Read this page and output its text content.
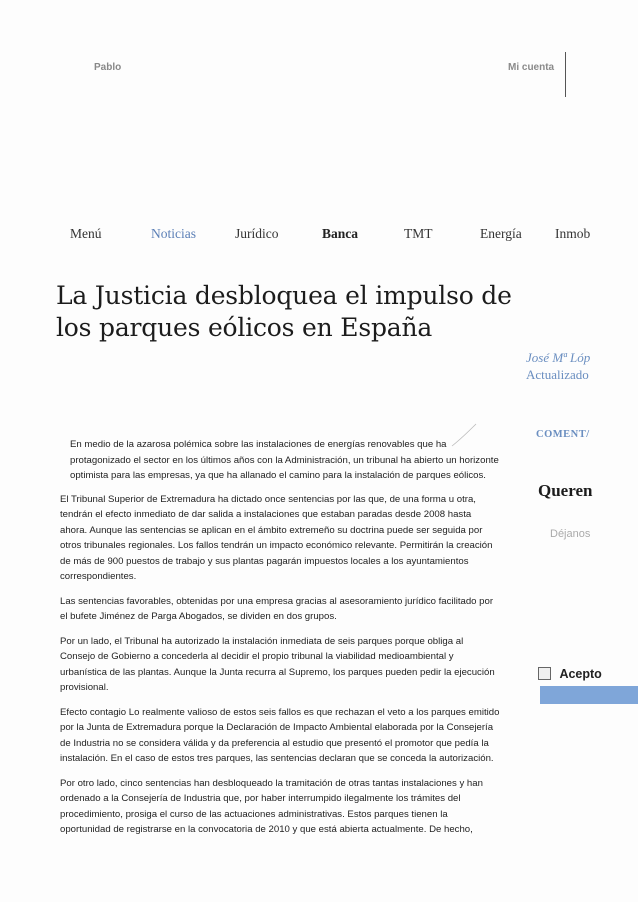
Pablo	Mi cuenta
Menú	Noticias	Jurídico	Banca	TMT	Energía Inmob
La Justicia desbloquea el impulso de los parques eólicos en España
José Mª Lóp
Actualizado
COMENT/

En medio de la azarosa polémica sobre las instalaciones de energías renovables que ha protagonizado el sector en los últimos años con la Administración, un tribunal ha abierto un horizonte optimista para las empresas, ya que ha allanado el camino para la instalación de parques eólicos.

El Tribunal Superior de Extremadura ha dictado once sentencias por las que, de una forma u otra, tendrán el efecto inmediato de dar salida a instalaciones que estaban paradas desde 2008 hasta ahora. Aunque las sentencias se aplican en el ámbito extremeño su doctrina puede ser seguida por otros tribunales regionales. Los fallos tendrán un impacto económico relevante. Permitirán la creación de más de 900 puestos de trabajo y sus plantas pagarán impuestos locales a los ayuntamientos correspondientes.

Las sentencias favorables, obtenidas por una empresa gracias al asesoramiento jurídico facilitado por el bufete Jiménez de Parga Abogados, se dividen en dos grupos.

Por un lado, el Tribunal ha autorizado la instalación inmediata de seis parques porque obliga al Consejo de Gobierno a concederla al decidir el propio tribunal la viabilidad medioambiental y urbanística de las plantas. Aunque la Junta recurra al Supremo, los parques pueden pedir la ejecución provisional.

Efecto contagio Lo realmente valioso de estos seis fallos es que rechazan el veto a los parques emitido por la Junta de Extremadura porque la Declaración de Impacto Ambiental elaborada por la Consejería de Industria no se considera válida y da preferencia al estudio que presentó el promotor que pedía la instalación. En el caso de estos tres parques, las sentencias declaran que se conceda la autorización.

Por otro lado, cinco sentencias han desbloqueado la tramitación de otras tantas instalaciones y han ordenado a la Consejería de Industria que, por haber interrumpido ilegalmente los trámites del procedimiento, prosiga el curso de las actuaciones administrativas. Estos parques tienen la oportunidad de registrarse en la convocatoria de 2010 y que está abierta actualmente. De hecho,

Queren
Déjanos
Acepto
